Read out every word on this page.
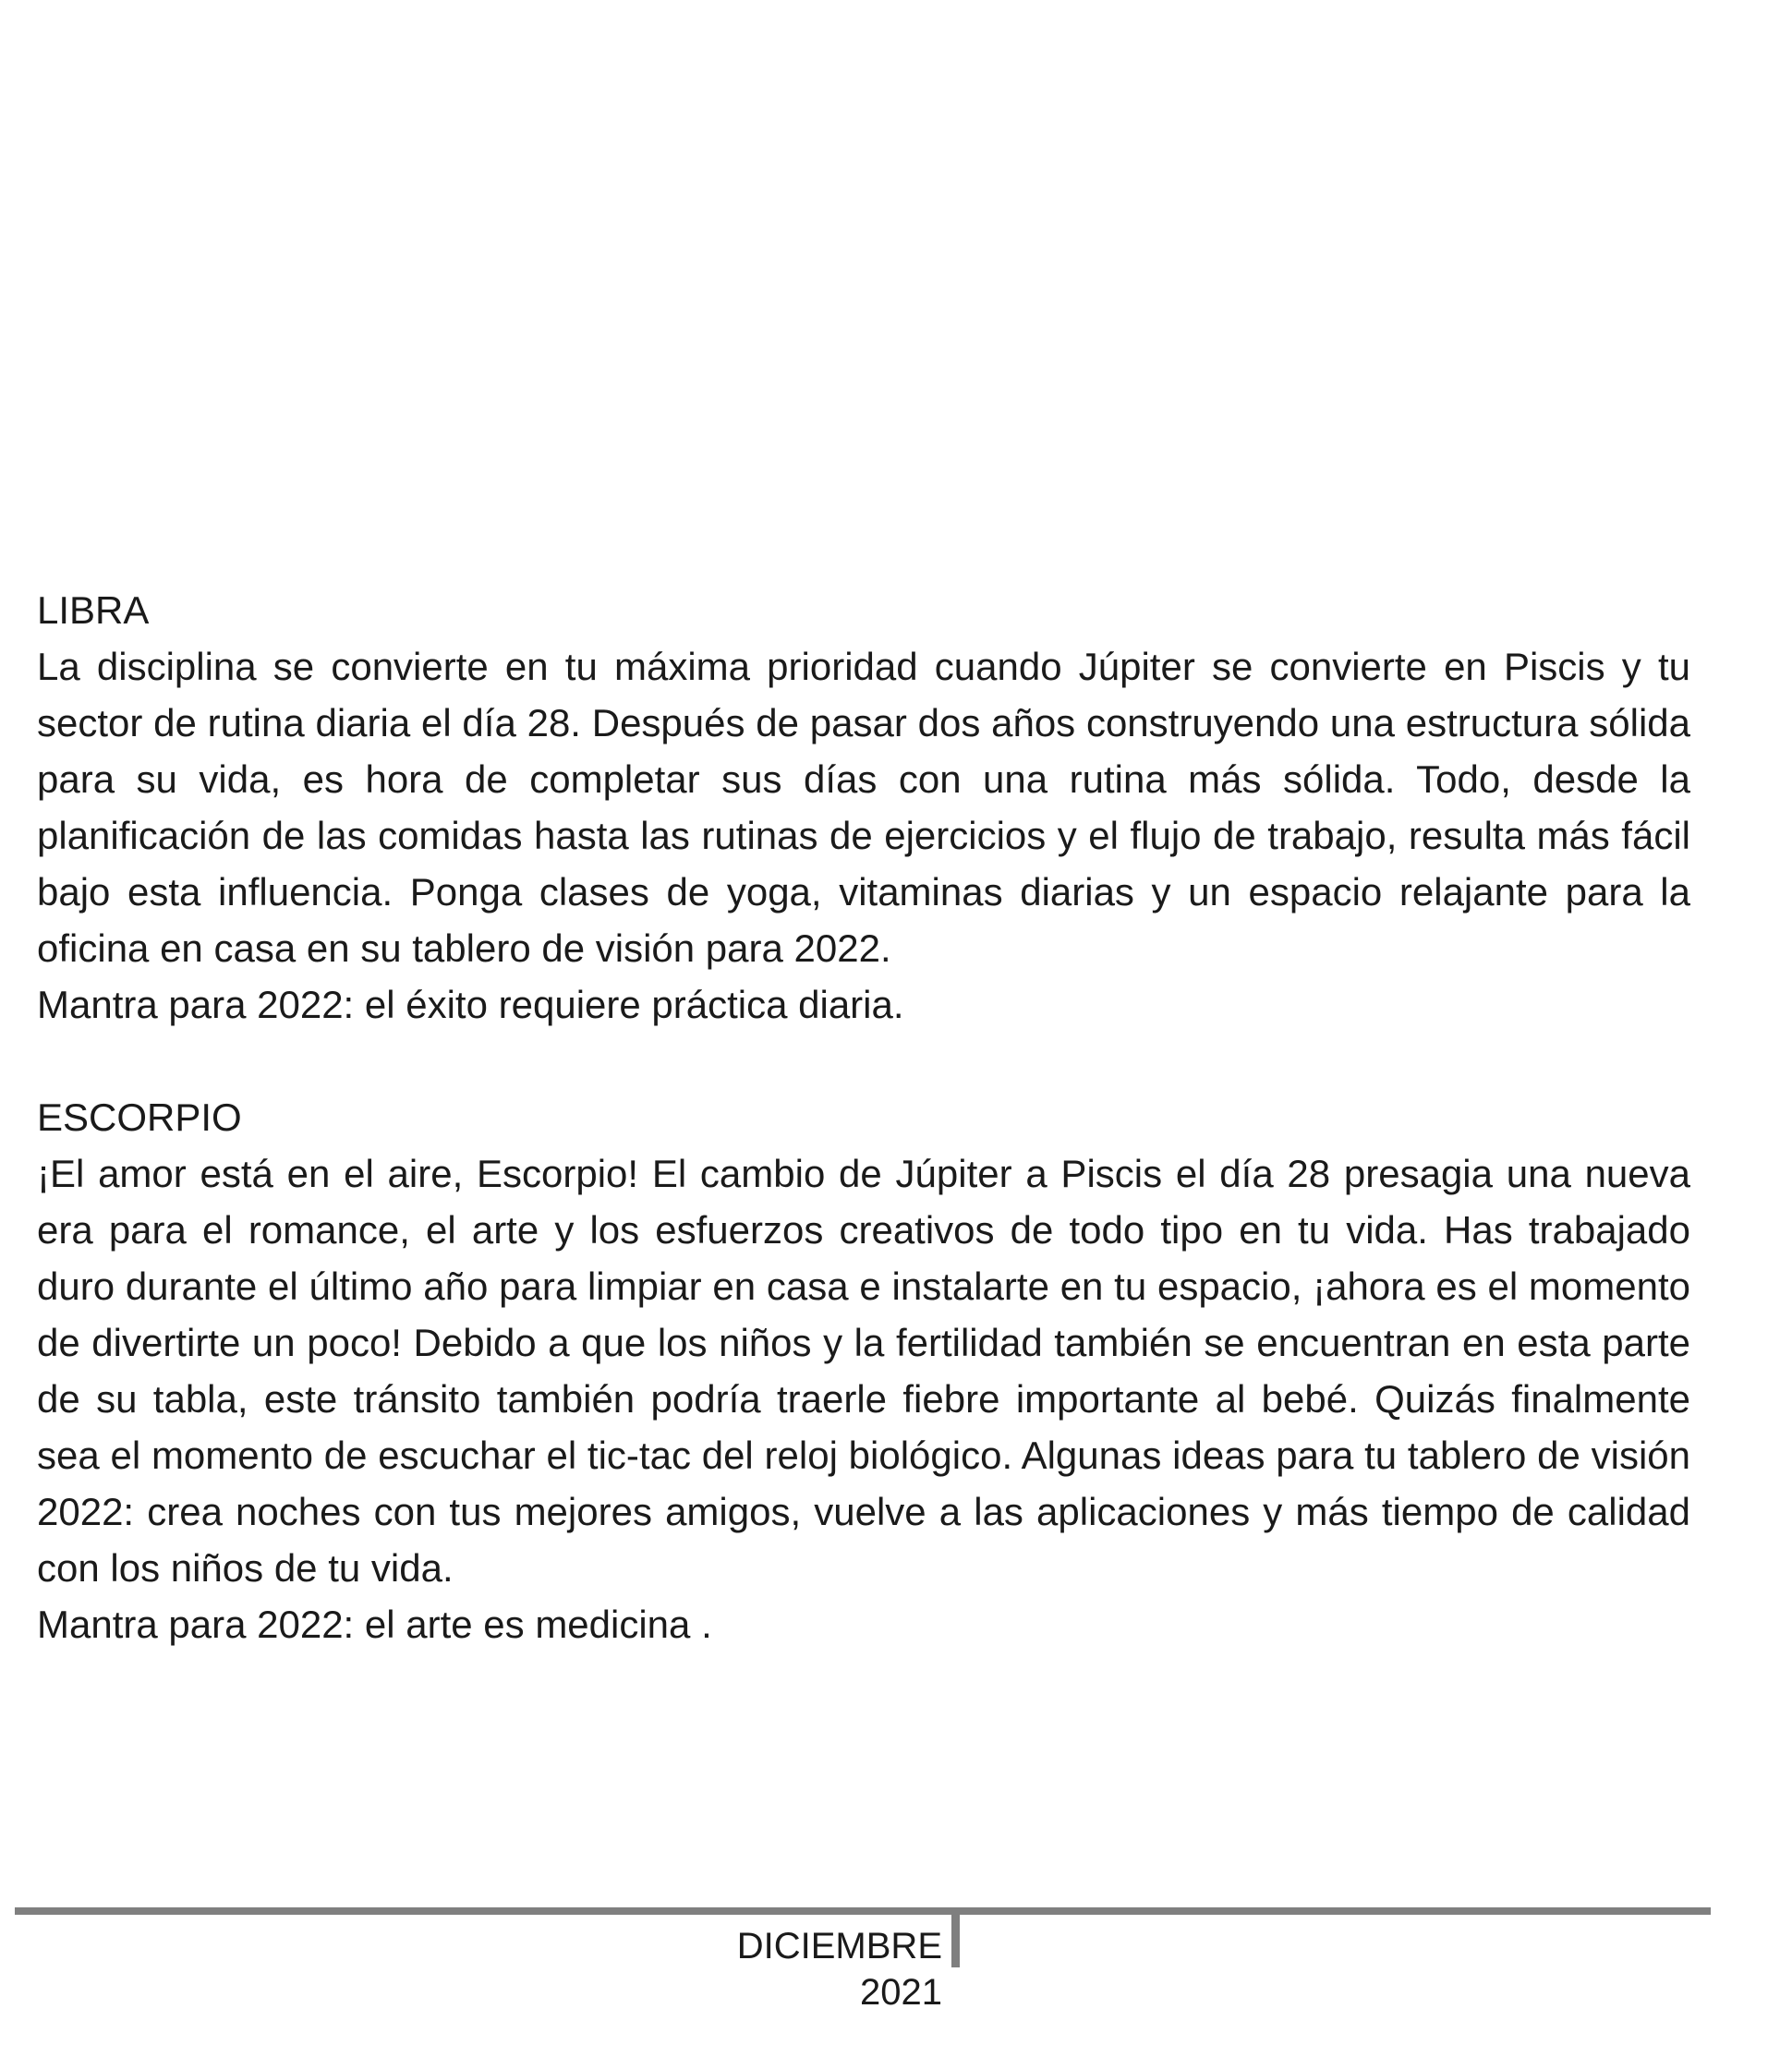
LIBRA

La disciplina se convierte en tu máxima prioridad cuando Júpiter se convierte en Piscis y tu sector de rutina diaria el día 28. Después de pasar dos años construyendo una estructura sólida para su vida, es hora de completar sus días con una rutina más sólida. Todo, desde la planificación de las comidas hasta las rutinas de ejercicios y el flujo de trabajo, resulta más fácil bajo esta influencia. Ponga clases de yoga, vitaminas diarias y un espacio relajante para la oficina en casa en su tablero de visión para 2022.

Mantra para 2022: el éxito requiere práctica diaria.
ESCORPIO

¡El amor está en el aire, Escorpio! El cambio de Júpiter a Piscis el día 28 presagia una nueva era para el romance, el arte y los esfuerzos creativos de todo tipo en tu vida. Has trabajado duro durante el último año para limpiar en casa e instalarte en tu espacio, ¡ahora es el momento de divertirte un poco! Debido a que los niños y la fertilidad también se encuentran en esta parte de su tabla, este tránsito también podría traerle fiebre importante al bebé. Quizás finalmente sea el momento de escuchar el tic-tac del reloj biológico. Algunas ideas para tu tablero de visión 2022: crea noches con tus mejores amigos, vuelve a las aplicaciones y más tiempo de calidad con los niños de tu vida.

Mantra para 2022: el arte es medicina .
DICIEMBRE 2021
